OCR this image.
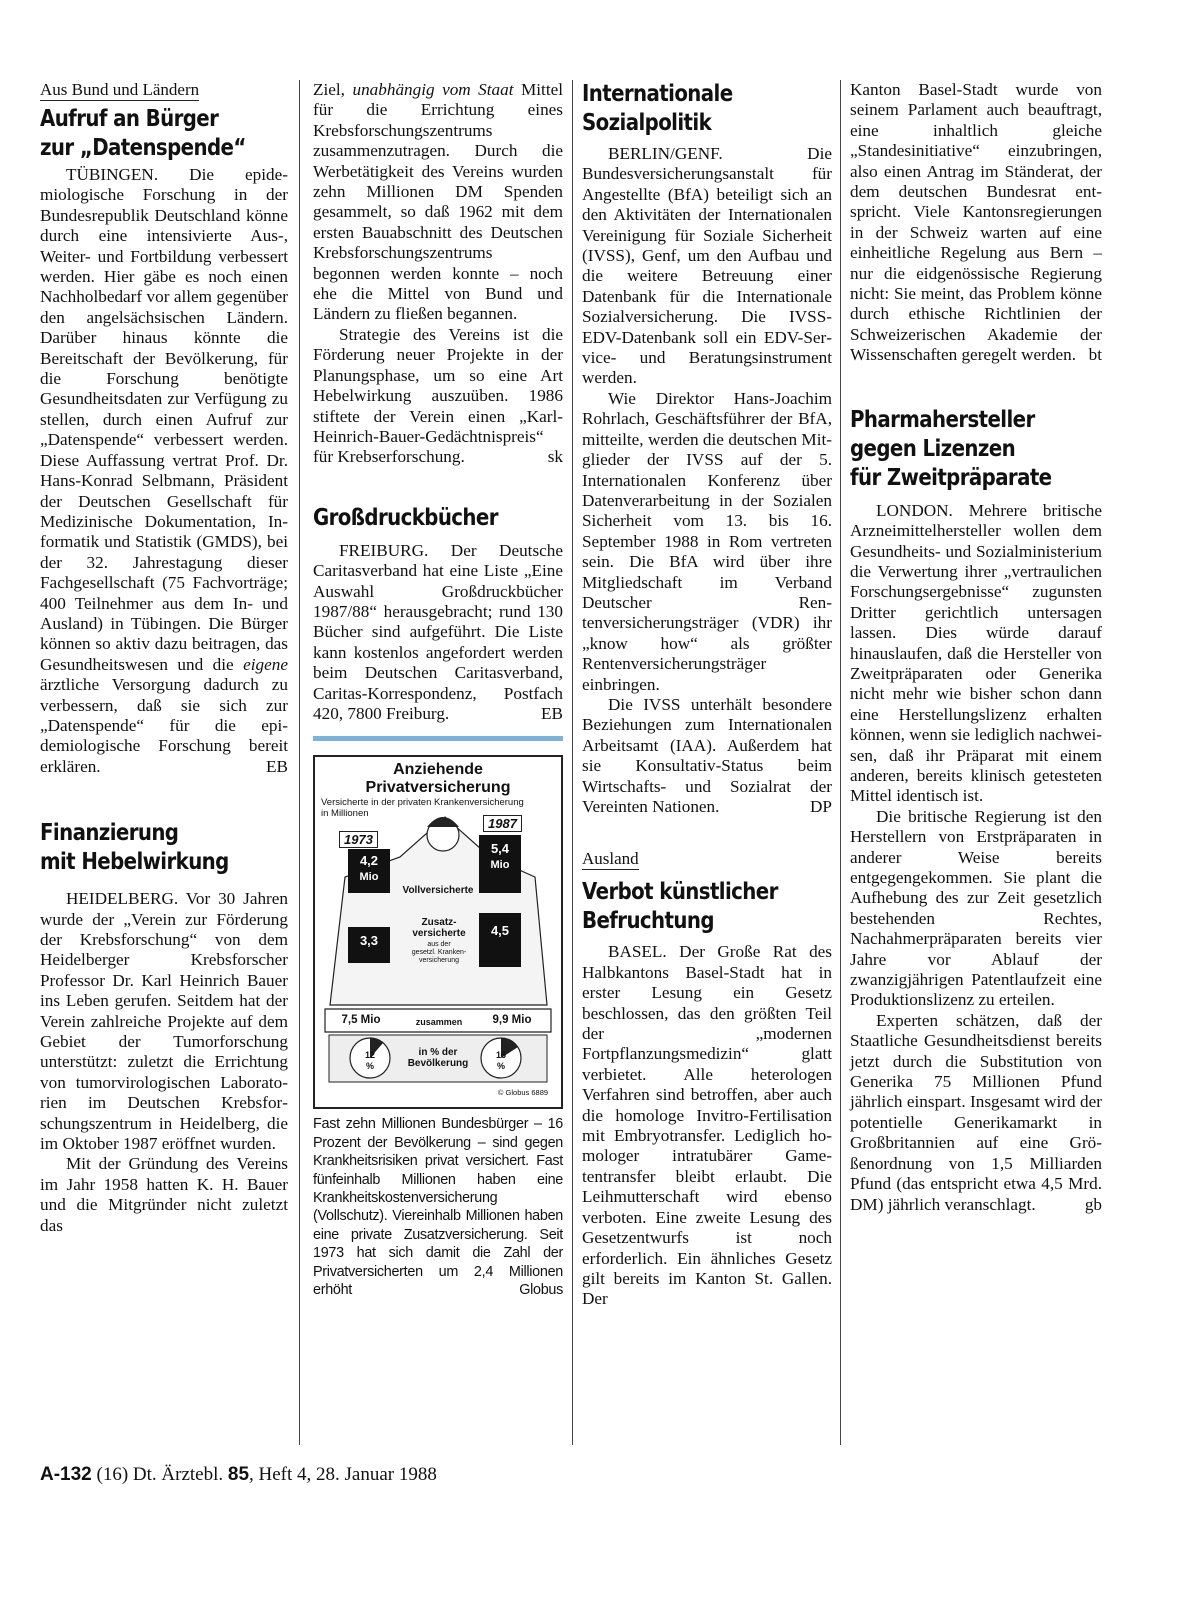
Aus Bund und Ländern
Aufruf an Bürger
zur „Datenspende“

TÜBINGEN. Die epidemiologische Forschung in der Bundesrepublik Deutschland könne durch eine intensivierte Aus-, Weiter- und Fortbildung verbessert werden. Hier gäbe es noch einen Nachholbedarf vor allem gegenüber den angelsächsischen Ländern. Darüber hinaus könnte die Bereitschaft der Bevölkerung, für die Forschung benötigte Gesundheitsdaten zur Verfügung zu stellen, durch einen Aufruf zur „Datenspende“ verbessert werden. Diese Auffassung vertrat Prof. Dr. Hans-Konrad Selbmann, Präsident der Deutschen Gesellschaft für Medizinische Dokumentation, Informatik und Statistik (GMDS), bei der 32. Jahrestagung dieser Fachgesellschaft (75 Fachvorträge; 400 Teilnehmer aus dem In- und Ausland) in Tübingen. Die Bürger können so aktiv dazu beitragen, das Gesundheitswesen und die eigene ärztliche Versorgung dadurch zu verbessern, daß sie sich zur „Datenspende“ für die epidemiologische Forschung bereit erklären.	EB

Finanzierung
mit Hebelwirkung

HEIDELBERG. Vor 30 Jahren wurde der „Verein zur Förderung der Krebsforschung“ von dem Heidelberger Krebsforscher Professor Dr. Karl Heinrich Bauer ins Leben gerufen. Seitdem hat der Verein zahlreiche Projekte auf dem Gebiet der Tumorforschung unterstützt: zuletzt die Errichtung von tumorvirologischen Laboratorien im Deutschen Krebsforschungszentrum in Heidelberg, die im Oktober 1987 eröffnet wurden.

Mit der Gründung des Vereins im Jahr 1958 hatten K. H. Bauer und die Mitgründer nicht zuletzt das

Ziel, unabhängig vom Staat Mittel für die Errichtung eines Krebsforschungszentrums zusammenzutragen. Durch die Werbetätigkeit des Vereins wurden zehn Millionen DM Spenden gesammelt, so daß 1962 mit dem ersten Bauabschnitt des Deutschen Krebsforschungszentrums begonnen werden konnte – noch ehe die Mittel von Bund und Ländern zu fließen begannen.

Strategie des Vereins ist die Förderung neuer Projekte in der Planungsphase, um so eine Art Hebelwirkung auszuüben. 1986 stiftete der Verein einen „Karl-Heinrich-Bauer-Gedächtnispreis“ für Krebserforschung.	sk

Großdruckbücher

FREIBURG. Der Deutsche Caritasverband hat eine Liste „Eine Auswahl Großdruckbücher 1987/88“ herausgebracht; rund 130 Bücher sind aufgeführt. Die Liste kann kostenlos angefordert werden beim Deutschen Caritasverband, Caritas-Korrespondenz, Postfach 420, 7800 Freiburg.	EB

Anziehende
Privatversicherung
Versicherte in der privaten Krankenversicherung
in Millionen
1973
1987
4,2
Mio
5,4
Mio
Vollversicherte
Zusatz-
versicherte
aus der
gesetzl. Kranken-
versicherung
3,3
4,5
7,5 Mio	zusammen	9,9 Mio
12
%
16
%
in % der
Bevölkerung
© Globus 6889

Fast zehn Millionen Bundesbürger – 16 Prozent der Bevölkerung – sind gegen Krankheitsrisiken privat versichert. Fast fünfeinhalb Millionen haben eine Krankheitskostenversicherung (Vollschutz). Viereinhalb Millionen haben eine private Zusatzversicherung. Seit 1973 hat sich damit die Zahl der Privatversicherten um 2,4 Millionen erhöht	Globus

Internationale
Sozialpolitik

BERLIN/GENF. Die Bundesversicherungsanstalt für Angestellte (BfA) beteiligt sich an den Aktivitäten der Internationalen Vereinigung für Soziale Sicherheit (IVSS), Genf, um den Aufbau und die weitere Betreuung einer Datenbank für die Internationale Sozialversicherung. Die IVSS-EDV-Datenbank soll ein EDV-Service- und Beratungsinstrument werden.

Wie Direktor Hans-Joachim Rohrlach, Geschäftsführer der BfA, mitteilte, werden die deutschen Mitglieder der IVSS auf der 5. Internationalen Konferenz über Datenverarbeitung in der Sozialen Sicherheit vom 13. bis 16. September 1988 in Rom vertreten sein. Die BfA wird über ihre Mitgliedschaft im Verband Deutscher Rentenversicherungsträger (VDR) ihr „know how“ als größter Rentenversicherungsträger einbringen.

Die IVSS unterhält besondere Beziehungen zum Internationalen Arbeitsamt (IAA). Außerdem hat sie Konsultativ-Status beim Wirtschafts- und Sozialrat der Vereinten Nationen.	DP

Ausland
Verbot künstlicher
Befruchtung

BASEL. Der Große Rat des Halbkantons Basel-Stadt hat in erster Lesung ein Gesetz beschlossen, das den größten Teil der „modernen Fortpflanzungsmedizin“ glatt verbietet. Alle heterologen Verfahren sind betroffen, aber auch die homologe Invitro-Fertilisation mit Embryotransfer. Lediglich homologer intratubärer Gametentransfer bleibt erlaubt. Die Leihmutterschaft wird ebenso verboten. Eine zweite Lesung des Gesetzentwurfs ist noch erforderlich. Ein ähnliches Gesetz gilt bereits im Kanton St. Gallen. Der

Kanton Basel-Stadt wurde von seinem Parlament auch beauftragt, eine inhaltlich gleiche „Standesinitiative“ einzubringen, also einen Antrag im Ständerat, der dem deutschen Bundesrat entspricht. Viele Kantonsregierungen in der Schweiz warten auf eine einheitliche Regelung aus Bern – nur die eidgenössische Regierung nicht: Sie meint, das Problem könne durch ethische Richtlinien der Schweizerischen Akademie der Wissenschaften geregelt werden. bt

Pharmahersteller
gegen Lizenzen
für Zweitpräparate

LONDON. Mehrere britische Arzneimittelhersteller wollen dem Gesundheits- und Sozialministerium die Verwertung ihrer „vertraulichen Forschungsergebnisse“ zugunsten Dritter gerichtlich untersagen lassen. Dies würde darauf hinauslaufen, daß die Hersteller von Zweitpräparaten oder Generika nicht mehr wie bisher schon dann eine Herstellungslizenz erhalten können, wenn sie lediglich nachweisen, daß ihr Präparat mit einem anderen, bereits klinisch getesteten Mittel identisch ist.

Die britische Regierung ist den Herstellern von Erstpräparaten in anderer Weise bereits entgegengekommen. Sie plant die Aufhebung des zur Zeit gesetzlich bestehenden Rechtes, Nachahmerpräparaten bereits vier Jahre vor Ablauf der zwanzigjährigen Patentlaufzeit eine Produktionslizenz zu erteilen.

Experten schätzen, daß der Staatliche Gesundheitsdienst bereits jetzt durch die Substitution von Generika 75 Millionen Pfund jährlich einspart. Insgesamt wird der potentielle Generikamarkt in Großbritannien auf eine Größenordnung von 1,5 Milliarden Pfund (das entspricht etwa 4,5 Mrd. DM) jährlich veranschlagt.	gb

A-132 (16) Dt. Ärztebl. 85, Heft 4, 28. Januar 1988
